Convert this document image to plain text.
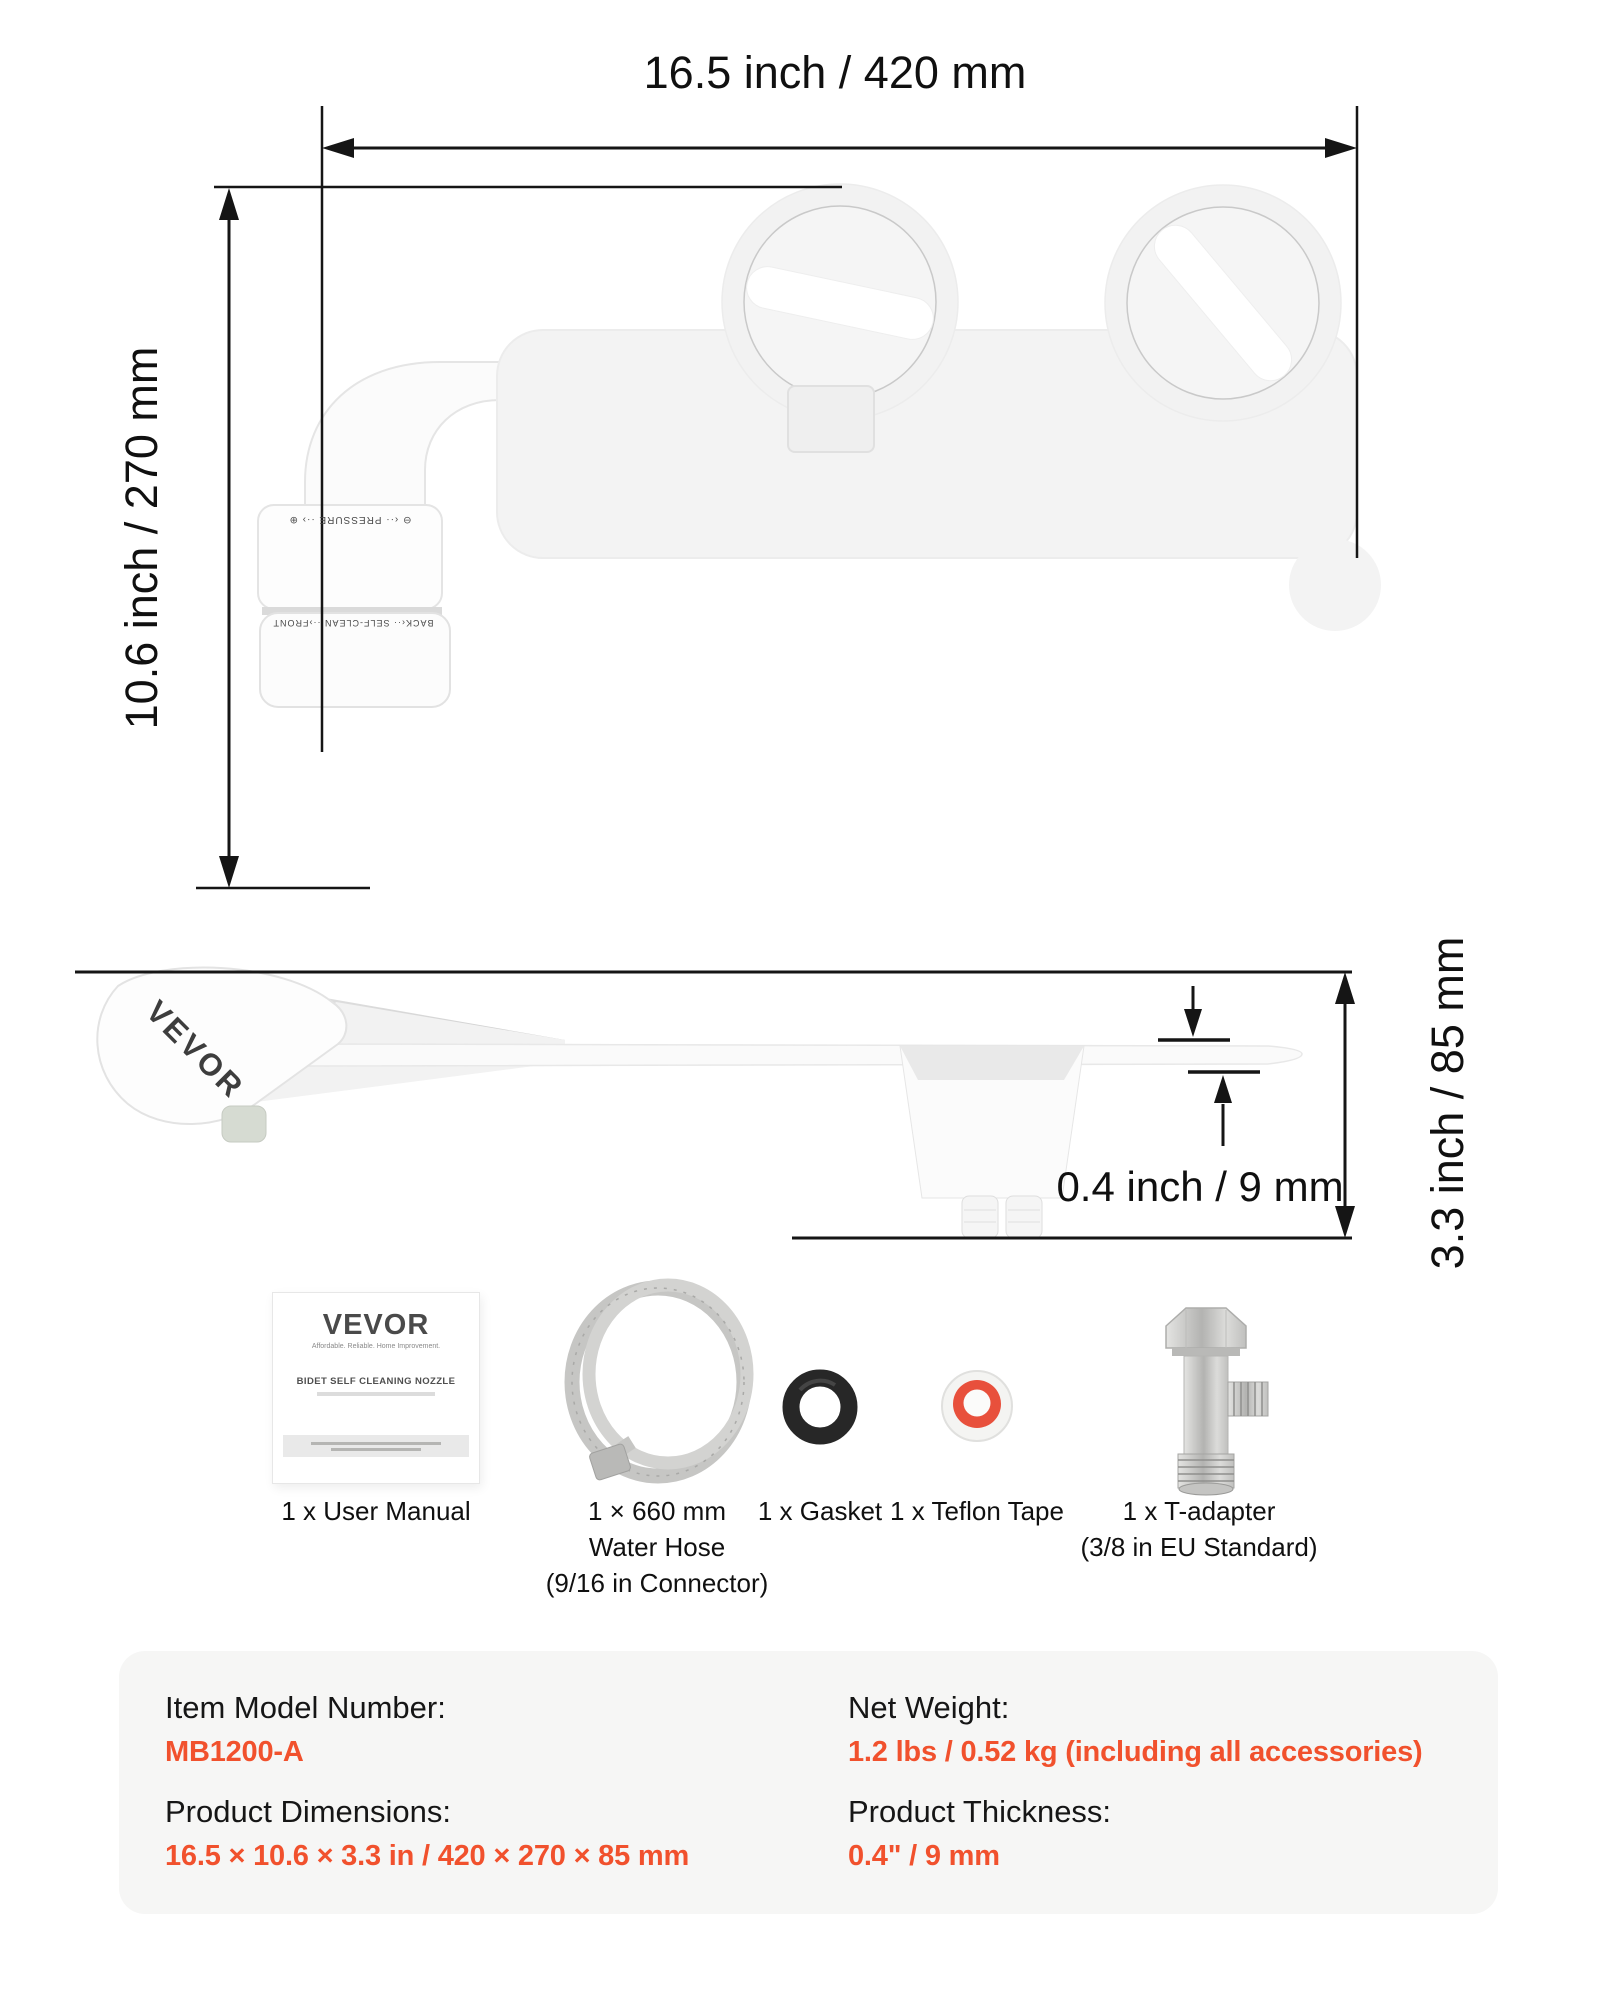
16.5 inch / 420 mm
10.6 inch / 270 mm
3.3 inch / 85 mm
0.4 inch / 9 mm
⊖ ‹·· PRESSURE ··› ⊕
BACK‹·· SELF-CLEAN ··›FRONT
VEVOR
VEVOR
Affordable. Reliable. Home Improvement.
BIDET SELF CLEANING NOZZLE
1 x User Manual	1 × 660 mm
Water Hose
(9/16 in Connector)
1 x Gasket 1 x Teflon Tape 1 x T-adapter
(3/8 in EU Standard)
Item Model Number:
MB1200-A
Product Dimensions:
16.5 × 10.6 × 3.3 in / 420 × 270 × 85 mm
Net Weight:
1.2 lbs / 0.52 kg (including all accessories)
Product Thickness:
0.4" / 9 mm
